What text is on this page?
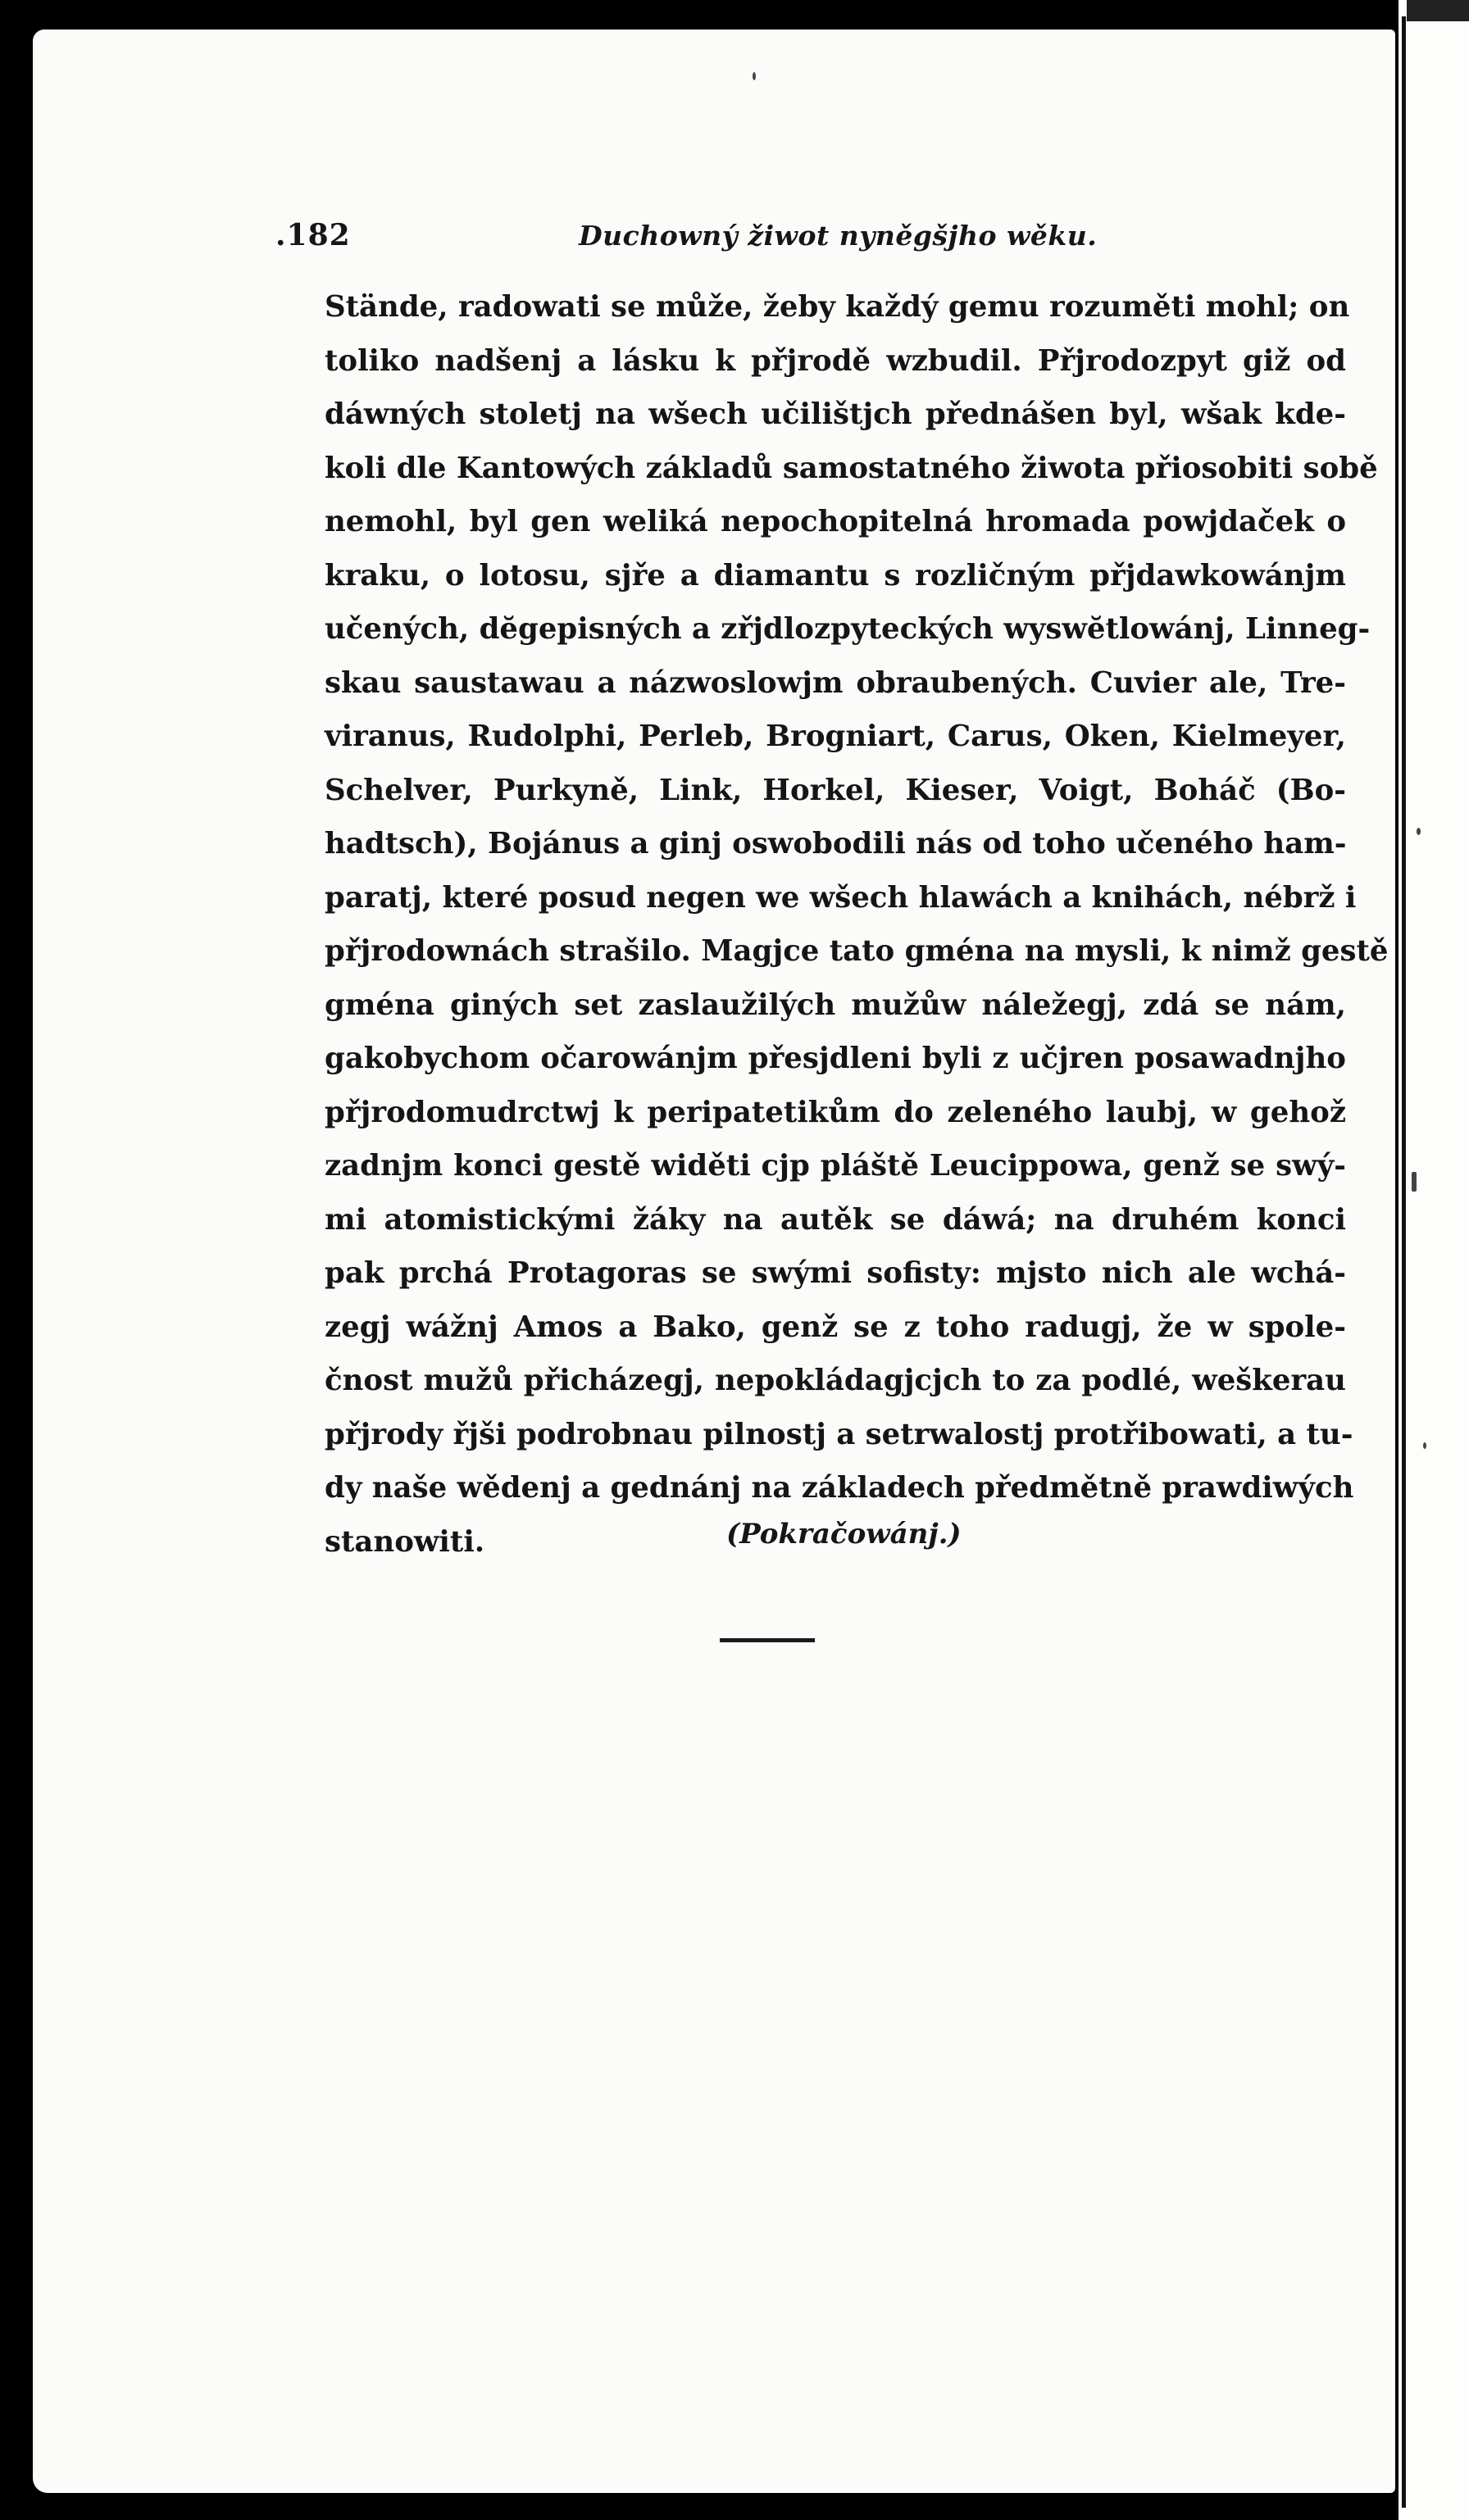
.182	Duchowný žiwot nyněgšjho wěku.
Stände, radowati se může, žeby každý gemu rozuměti mohl; on
toliko nadšenj a lásku k přjrodě wzbudil. Přjrodozpyt giž od
dáwných stoletj na wšech učilištjch přednášen byl, wšak kde-
koli dle Kantowých základů samostatného žiwota přiosobiti sobě
nemohl, byl gen weliká nepochopitelná hromada powjdaček o
kraku, o lotosu, sjře a diamantu s rozličným přjdawkowánjm
učených, dĕgepisných a zřjdlozpyteckých wyswĕtlowánj, Linneg-
skau saustawau a názwoslowjm obraubených. Cuvier ale, Tre-
viranus, Rudolphi, Perleb, Brogniart, Carus, Oken, Kielmeyer,
Schelver, Purkyně, Link, Horkel, Kieser, Voigt, Boháč (Bo-
hadtsch), Bojánus a ginj oswobodili nás od toho učeného ham-
paratj, které posud negen we wšech hlawách a knihách, nébrž i
přjrodownách strašilo. Magjce tato gména na mysli, k nimž gestě
gména giných set zaslaužilých mužůw náležegj, zdá se nám,
gakobychom očarowánjm přesjdleni byli z učjren posawadnjho
přjrodomudrctwj k peripatetikům do zeleného laubj, w gehož
zadnjm konci gestě widěti cjp pláště Leucippowa, genž se swý-
mi atomistickými žáky na autěk se dáwá; na druhém konci
pak prchá Protagoras se swými sofisty: mjsto nich ale wchá-
zegj wážnj Amos a Bako, genž se z toho radugj, že w spole-
čnost mužů přicházegj, nepokládagjcjch to za podlé, weškerau
přjrody řjši podrobnau pilnostj a setrwalostj protřibowati, a tu-
dy naše wědenj a gednánj na základech předmětně prawdiwých
stanowiti.	(Pokračowánj.)
